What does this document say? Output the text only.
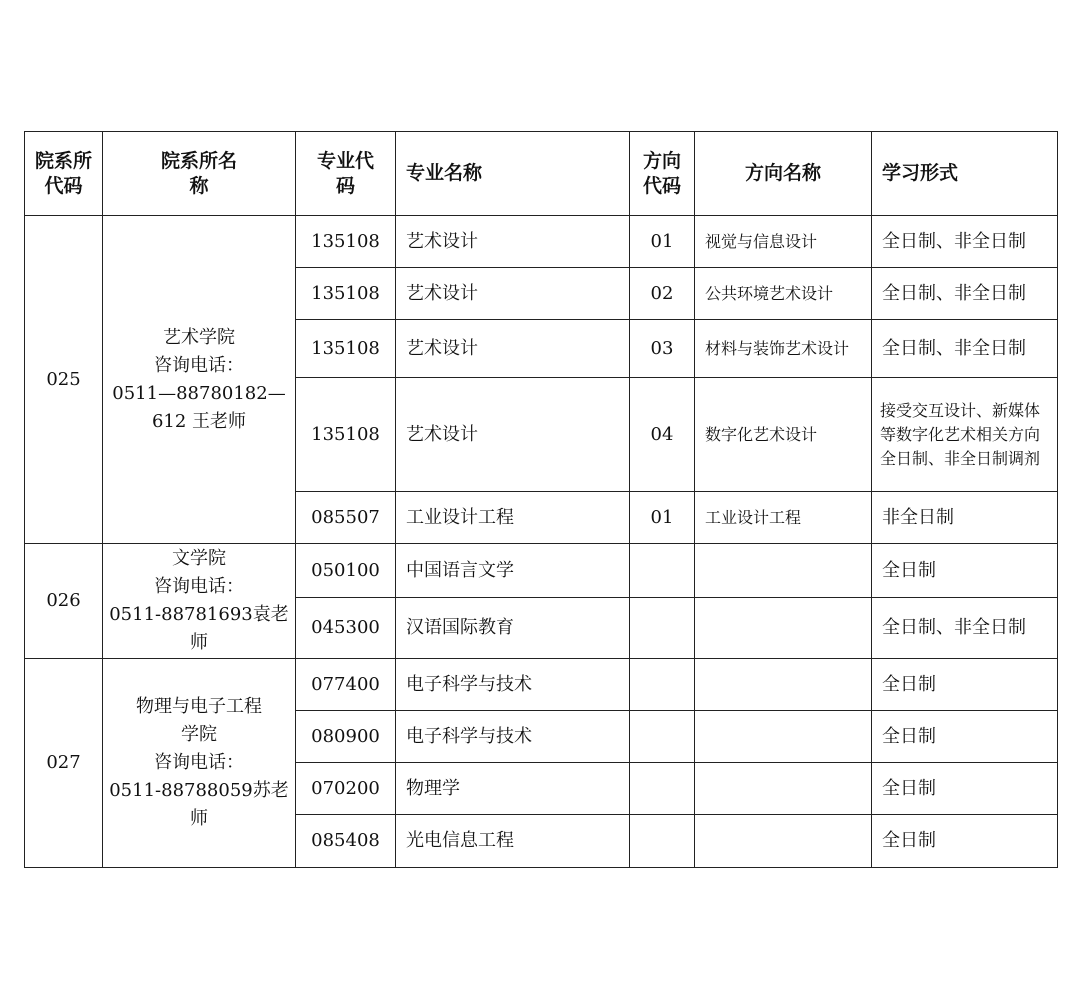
院系所代码	院系所名称	专业代码	专业名称	方向代码	方向名称	学习形式
025	艺术学院
咨询电话：
0511—88780182—
612 王老师	135108	艺术设计	01	视觉与信息设计	全日制、非全日制
		135108	艺术设计	02	公共环境艺术设计	全日制、非全日制
		135108	艺术设计	03	材料与装饰艺术设计	全日制、非全日制
		135108	艺术设计	04	数字化艺术设计	接受交互设计、新媒体等数字化艺术相关方向全日制、非全日制调剂
		085507	工业设计工程	01	工业设计工程	非全日制
026	文学院
咨询电话：
0511-88781693袁老
师	050100	中国语言文学			全日制
		045300	汉语国际教育			全日制、非全日制
027	物理与电子工程
学院
咨询电话：
0511-88788059苏老
师	077400	电子科学与技术			全日制
		080900	电子科学与技术			全日制
		070200	物理学			全日制
		085408	光电信息工程			全日制
